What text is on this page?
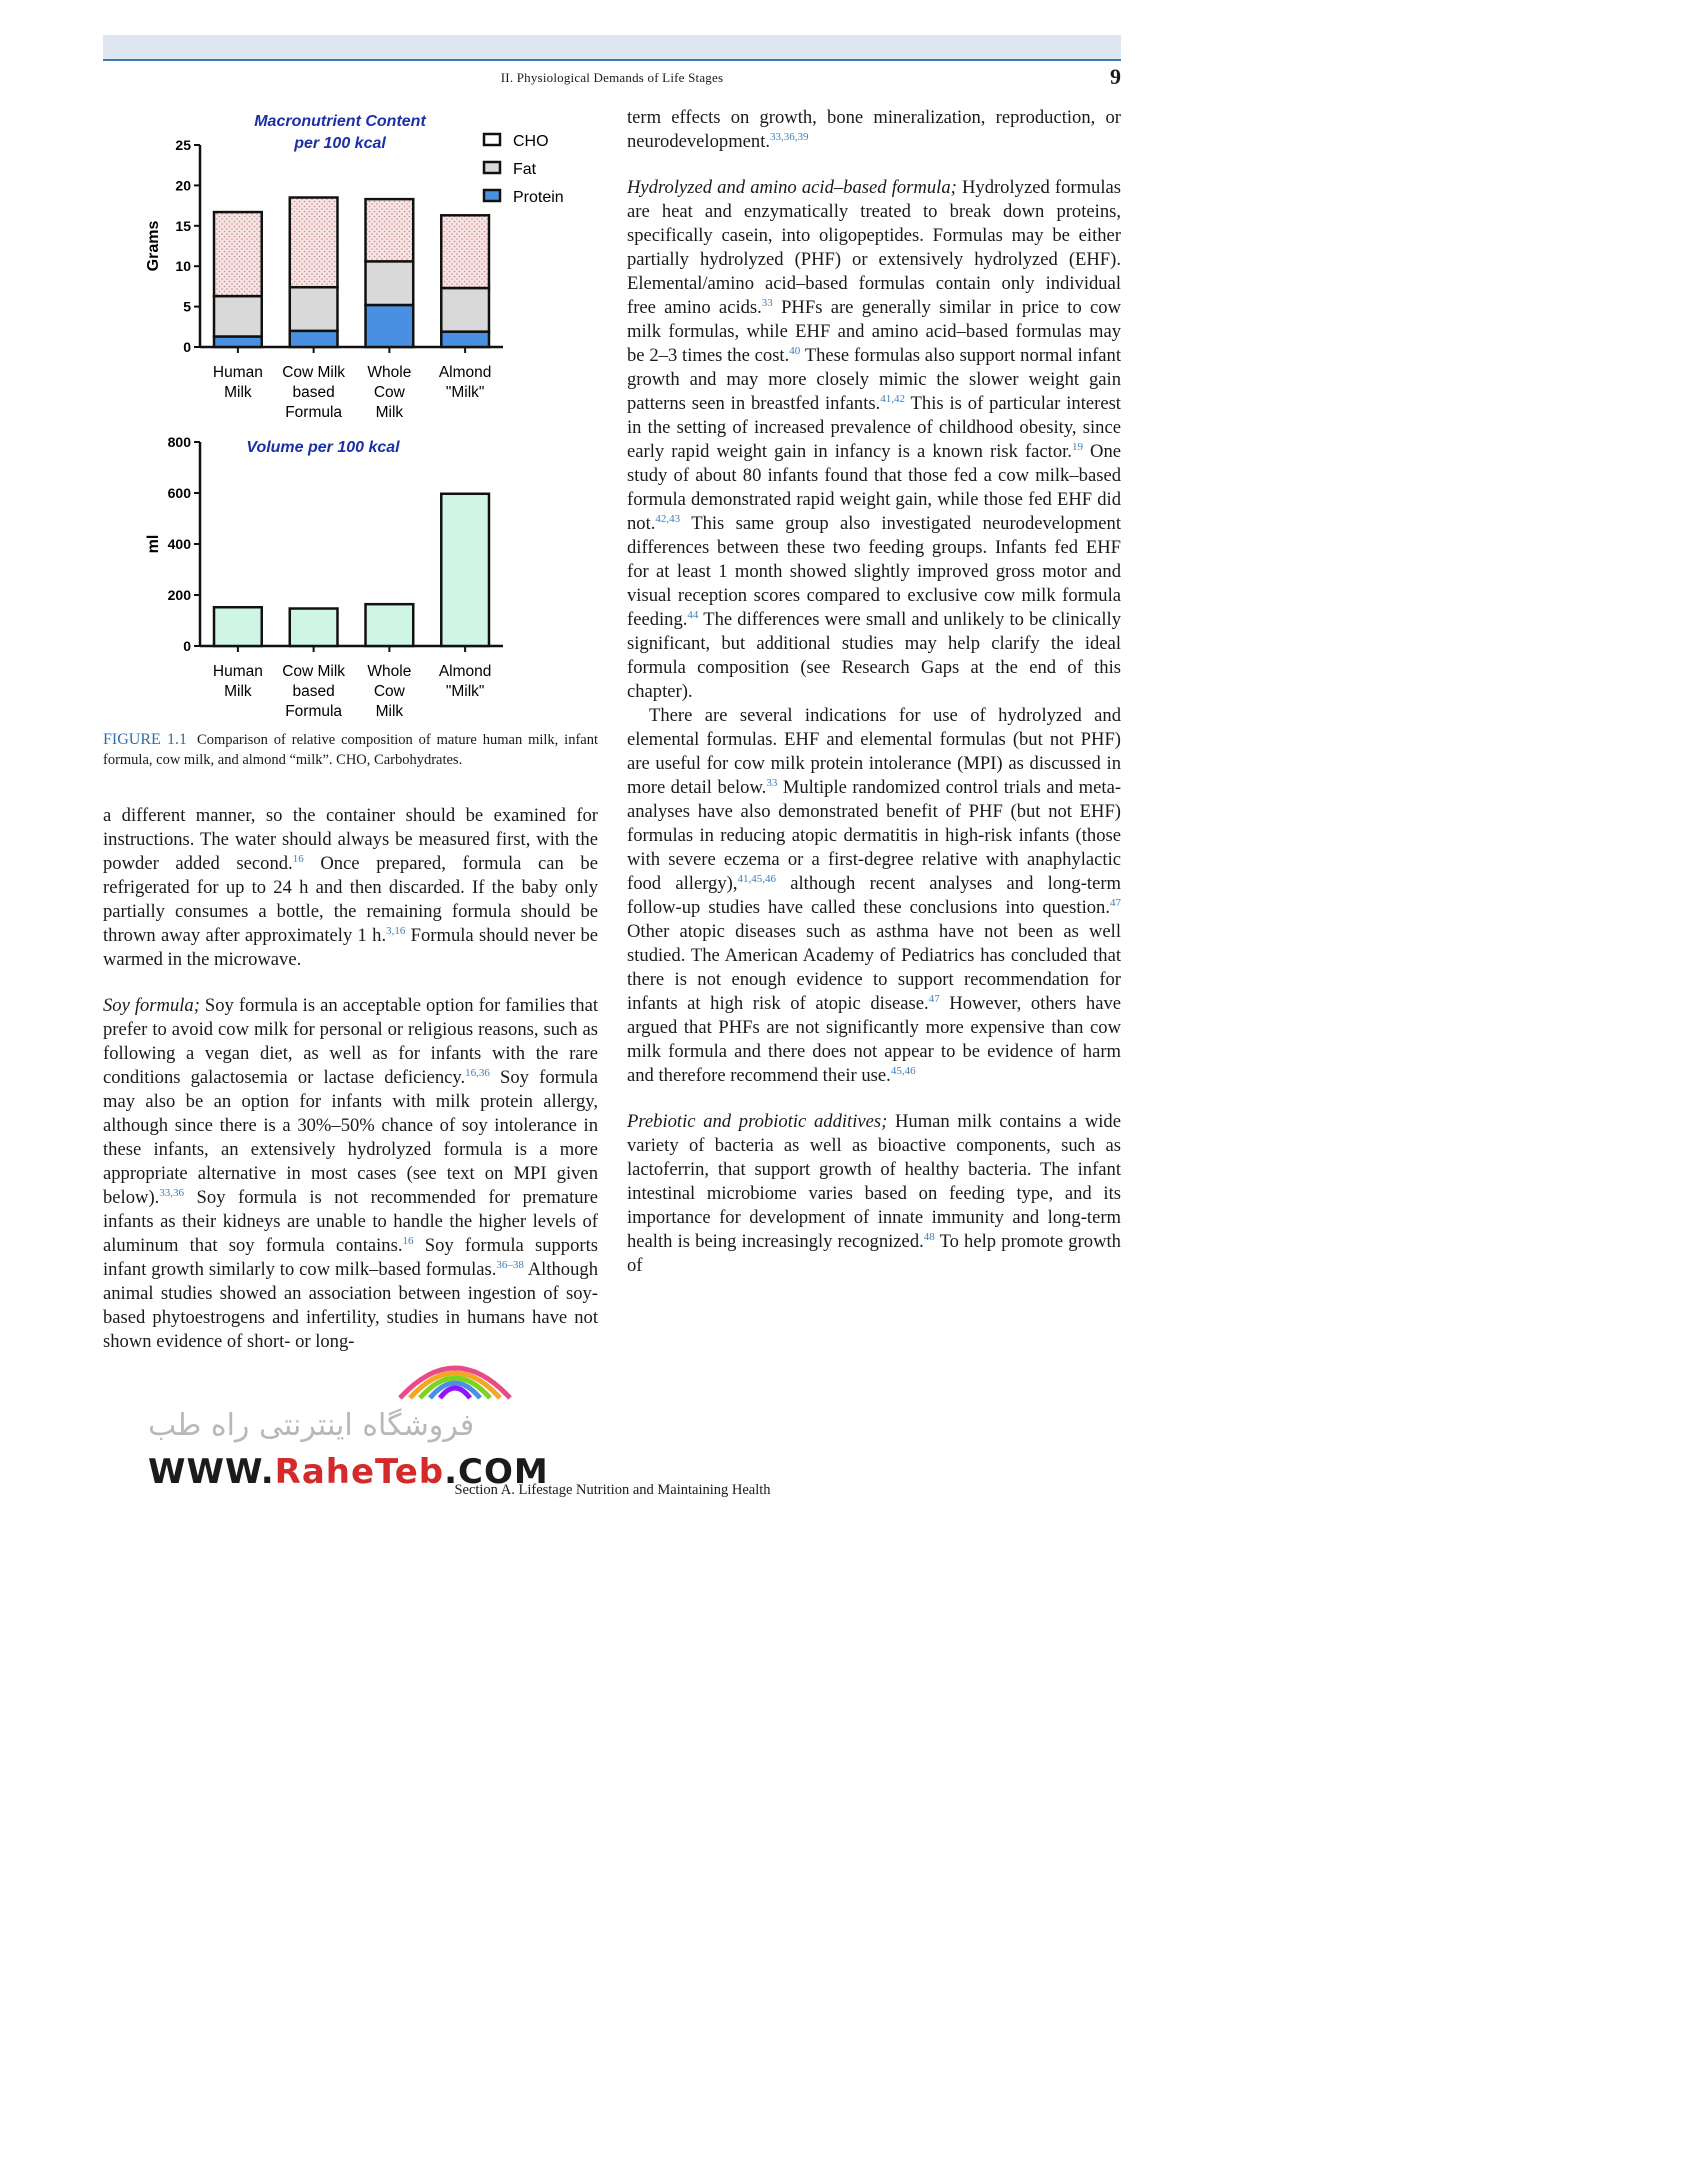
II. Physiological Demands of Life Stages	9
0
5
10
15
20
25
Grams
Human
Milk
Cow Milk
based
Formula
Whole
Cow
Milk
Almond
"Milk"
Macronutrient Content
per 100 kcal	CHO
Fat
Protein
0
200
400
600
800
ml
Human
Milk
Cow Milk
based
Formula
Whole
Cow
Milk
Almond
"Milk"
Volume per 100 kcal
FIGURE 1.1 Comparison of relative composition of mature human milk, infant formula, cow milk, and almond “milk”. CHO, Carbohydrates.

a different manner, so the container should be examined for instructions. The water should always be measured first, with the powder added second.$^{16}$ Once prepared, formula can be refrigerated for up to 24 h and then discarded. If the baby only partially consumes a bottle, the remaining formula should be thrown away after approximately 1 h.$^{3,16}$ Formula should never be warmed in the microwave.

Soy formula; Soy formula is an acceptable option for families that prefer to avoid cow milk for personal or religious reasons, such as following a vegan diet, as well as for infants with the rare conditions galactosemia or lactase deficiency.$^{16,36}$ Soy formula may also be an option for infants with milk protein allergy, although since there is a 30%–50% chance of soy intolerance in these infants, an extensively hydrolyzed formula is a more appropriate alternative in most cases (see text on MPI given below).$^{33,36}$ Soy formula is not recommended for premature infants as their kidneys are unable to handle the higher levels of aluminum that soy formula contains.$^{16}$ Soy formula supports infant growth similarly to cow milk–based formulas.$^{36-38}$ Although animal studies showed an association between ingestion of soy-based phytoestrogens and infertility, studies in humans have not shown evidence of short- or long-

term effects on growth, bone mineralization, reproduction, or neurodevelopment.$^{33,36,39}$

Hydrolyzed and amino acid–based formula; Hydrolyzed formulas are heat and enzymatically treated to break down proteins, specifically casein, into oligopeptides. Formulas may be either partially hydrolyzed (PHF) or extensively hydrolyzed (EHF). Elemental/amino acid–based formulas contain only individual free amino acids.$^{33}$ PHFs are generally similar in price to cow milk formulas, while EHF and amino acid–based formulas may be 2–3 times the cost.$^{40}$ These formulas also support normal infant growth and may more closely mimic the slower weight gain patterns seen in breastfed infants.$^{41,42}$ This is of particular interest in the setting of increased prevalence of childhood obesity, since early rapid weight gain in infancy is a known risk factor.$^{19}$ One study of about 80 infants found that those fed a cow milk–based formula demonstrated rapid weight gain, while those fed EHF did not.$^{42,43}$ This same group also investigated neurodevelopment differences between these two feeding groups. Infants fed EHF for at least 1 month showed slightly improved gross motor and visual reception scores compared to exclusive cow milk formula feeding.$^{44}$ The differences were small and unlikely to be clinically significant, but additional studies may help clarify the ideal formula composition (see Research Gaps at the end of this chapter).

There are several indications for use of hydrolyzed and elemental formulas. EHF and elemental formulas (but not PHF) are useful for cow milk protein intolerance (MPI) as discussed in more detail below.$^{33}$ Multiple randomized control trials and meta-analyses have also demonstrated benefit of PHF (but not EHF) formulas in reducing atopic dermatitis in high-risk infants (those with severe eczema or a first-degree relative with anaphylactic food allergy),$^{41,45,46}$ although recent analyses and long-term follow-up studies have called these conclusions into question.$^{47}$ Other atopic diseases such as asthma have not been as well studied. The American Academy of Pediatrics has concluded that there is not enough evidence to support recommendation for infants at high risk of atopic disease.$^{47}$ However, others have argued that PHFs are not significantly more expensive than cow milk formula and there does not appear to be evidence of harm and therefore recommend their use.$^{45,46}$

Prebiotic and probiotic additives; Human milk contains a wide variety of bacteria as well as bioactive components, such as lactoferrin, that support growth of healthy bacteria. The infant intestinal microbiome varies based on feeding type, and its importance for development of innate immunity and long-term health is being increasingly recognized.$^{48}$ To help promote growth of

فروشگاه اینترنتی راه طب
WWW.RaheTeb.COM
Section A. Lifestage Nutrition and Maintaining Health
